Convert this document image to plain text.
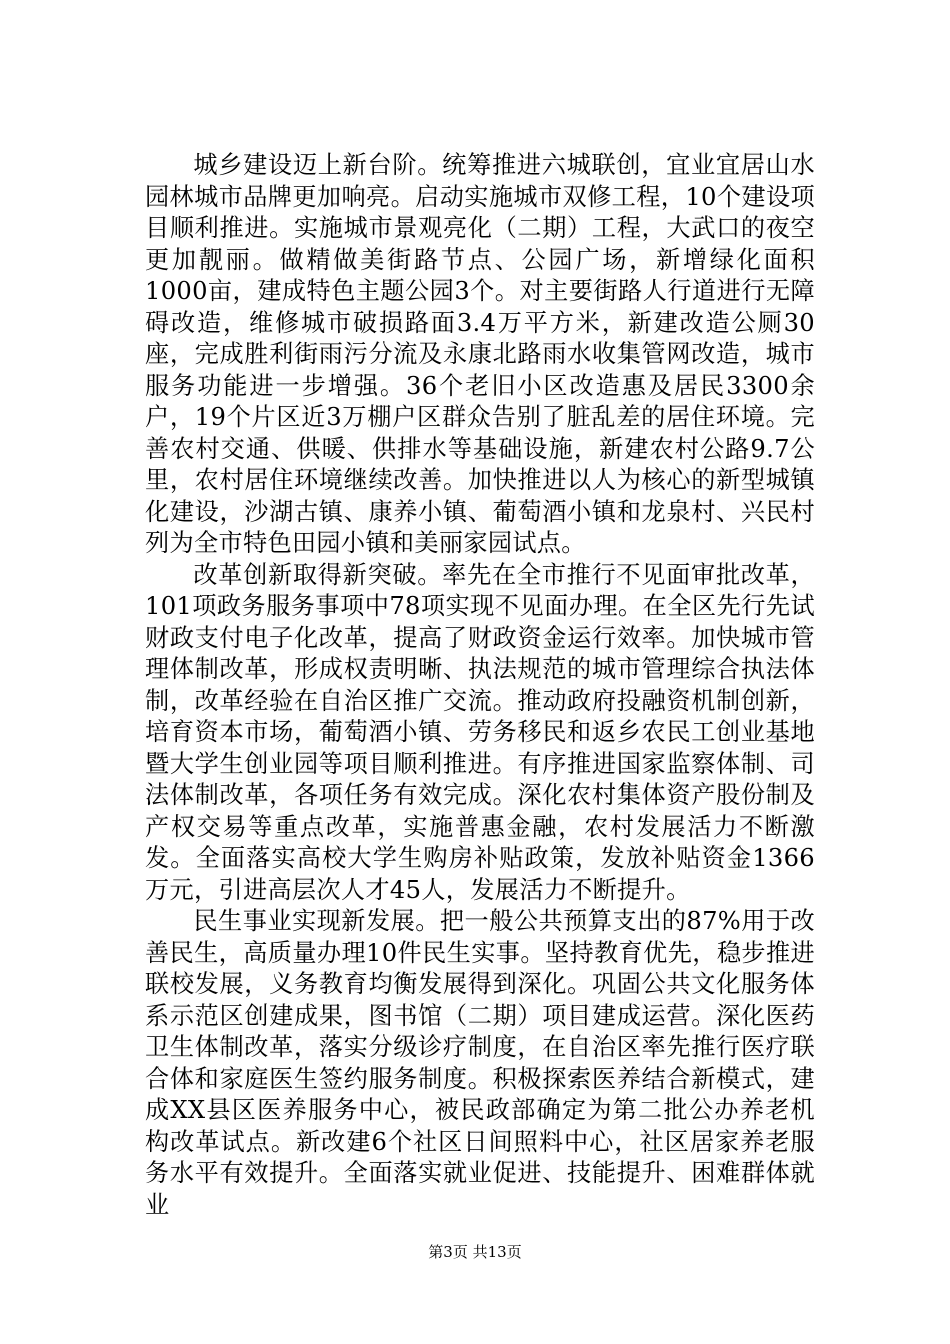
城乡建设迈上新台阶。统筹推进六城联创，宜业宜居山水园林城市品牌更加响亮。启动实施城市双修工程，10个建设项目顺利推进。实施城市景观亮化（二期）工程，大武口的夜空更加靓丽。做精做美街路节点、公园广场，新增绿化面积1000亩，建成特色主题公园3个。对主要街路人行道进行无障碍改造，维修城市破损路面3.4万平方米，新建改造公厕30座，完成胜利街雨污分流及永康北路雨水收集管网改造，城市服务功能进一步增强。36个老旧小区改造惠及居民3300余户，19个片区近3万棚户区群众告别了脏乱差的居住环境。完善农村交通、供暖、供排水等基础设施，新建农村公路9.7公里，农村居住环境继续改善。加快推进以人为核心的新型城镇化建设，沙湖古镇、康养小镇、葡萄酒小镇和龙泉村、兴民村列为全市特色田园小镇和美丽家园试点。

改革创新取得新突破。率先在全市推行不见面审批改革，101项政务服务事项中78项实现不见面办理。在全区先行先试财政支付电子化改革，提高了财政资金运行效率。加快城市管理体制改革，形成权责明晰、执法规范的城市管理综合执法体制，改革经验在自治区推广交流。推动政府投融资机制创新，培育资本市场，葡萄酒小镇、劳务移民和返乡农民工创业基地暨大学生创业园等项目顺利推进。有序推进国家监察体制、司法体制改革，各项任务有效完成。深化农村集体资产股份制及产权交易等重点改革，实施普惠金融，农村发展活力不断激发。全面落实高校大学生购房补贴政策，发放补贴资金1366万元，引进高层次人才45人，发展活力不断提升。

民生事业实现新发展。把一般公共预算支出的87%用于改善民生，高质量办理10件民生实事。坚持教育优先，稳步推进联校发展，义务教育均衡发展得到深化。巩固公共文化服务体系示范区创建成果，图书馆（二期）项目建成运营。深化医药卫生体制改革，落实分级诊疗制度，在自治区率先推行医疗联合体和家庭医生签约服务制度。积极探索医养结合新模式，建成XX县区医养服务中心，被民政部确定为第二批公办养老机构改革试点。新改建6个社区日间照料中心，社区居家养老服务水平有效提升。全面落实就业促进、技能提升、困难群体就业

第3页 共13页
